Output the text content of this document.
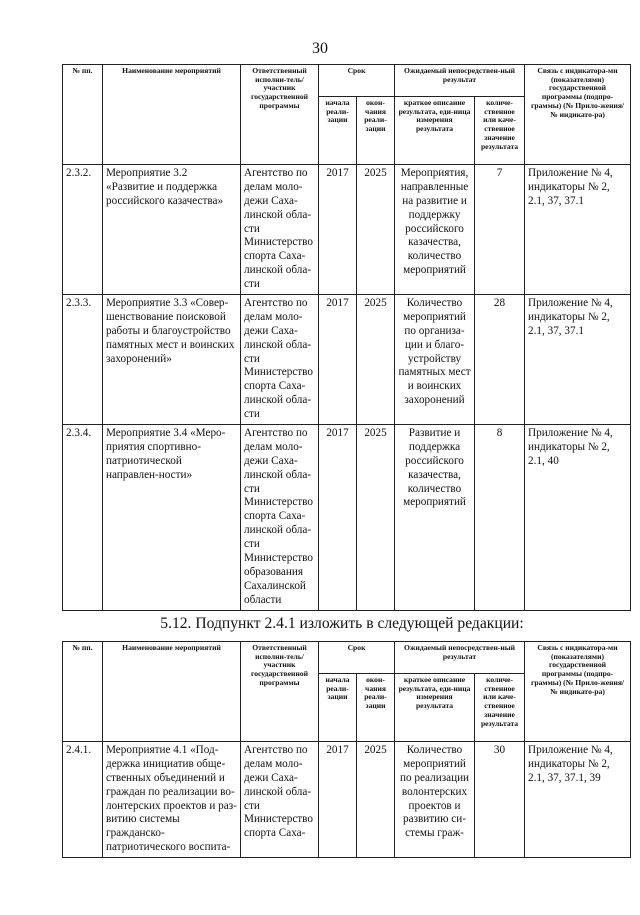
30
№ пп.	Наименование мероприятий	Ответственный исполни-тель/участник государственной программы	Срок		Ожидаемый непосредствен-ный результат		Связь с индикатора-ми (показателями) государственной программы (подпро-граммы) (№ Прило-жения/№ индикато-ра)
			начала реали-зации	окон-чания реали-зации	краткое описание результата, еди-ница измерения результата	количе-ственное или каче-ственное значение результата	
2.3.2.	Мероприятие 3.2 «Развитие и поддержка российского казачества»	Агентство по делам моло-дежи Саха-линской обла-сти Министерство спорта Саха-линской обла-сти	2017	2025	Мероприятия, направленные на развитие и поддержку российского казачества, количество мероприятий	7	Приложение № 4, индикаторы № 2, 2.1, 37, 37.1
2.3.3.	Мероприятие 3.3 «Совер-шенствование поисковой работы и благоустройство памятных мест и воинских захоронений»	Агентство по делам моло-дежи Саха-линской обла-сти Министерство спорта Саха-линской обла-сти	2017	2025	Количество мероприятий по организа-ции и благо-устройству памятных мест и воинских захоронений	28	Приложение № 4, индикаторы № 2, 2.1, 37, 37.1
2.3.4.	Мероприятие 3.4 «Меро-приятия спортивно-патриотической направлен-ности»	Агентство по делам моло-дежи Саха-линской обла-сти Министерство спорта Саха-линской обла-сти Министерство образования Сахалинской области	2017	2025	Развитие и поддержка российского казачества, количество мероприятий	8	Приложение № 4, индикаторы № 2, 2.1, 40
5.12. Подпункт 2.4.1 изложить в следующей редакции:
№ пп.	Наименование мероприятий	Ответственный исполни-тель/участник государственной программы	Срок		Ожидаемый непосредствен-ный результат		Связь с индикатора-ми (показателями) государственной программы (подпро-граммы) (№ Прило-жения/№ индикато-ра)
			начала реали-зации	окон-чания реали-зации	краткое описание результата, еди-ница измерения результата	количе-ственное или каче-ственное значение результата	
2.4.1.	Мероприятие 4.1 «Под-держка инициатив обще-ственных объединений и граждан по реализации во-лонтерских проектов и раз-витию системы гражданско-патриотического воспита-	Агентство по делам моло-дежи Саха-линской обла-сти Министерство спорта Саха-	2017	2025	Количество мероприятий по реализации волонтерских проектов и развитию си-стемы граж-	30	Приложение № 4, индикаторы № 2, 2.1, 37, 37.1, 39
